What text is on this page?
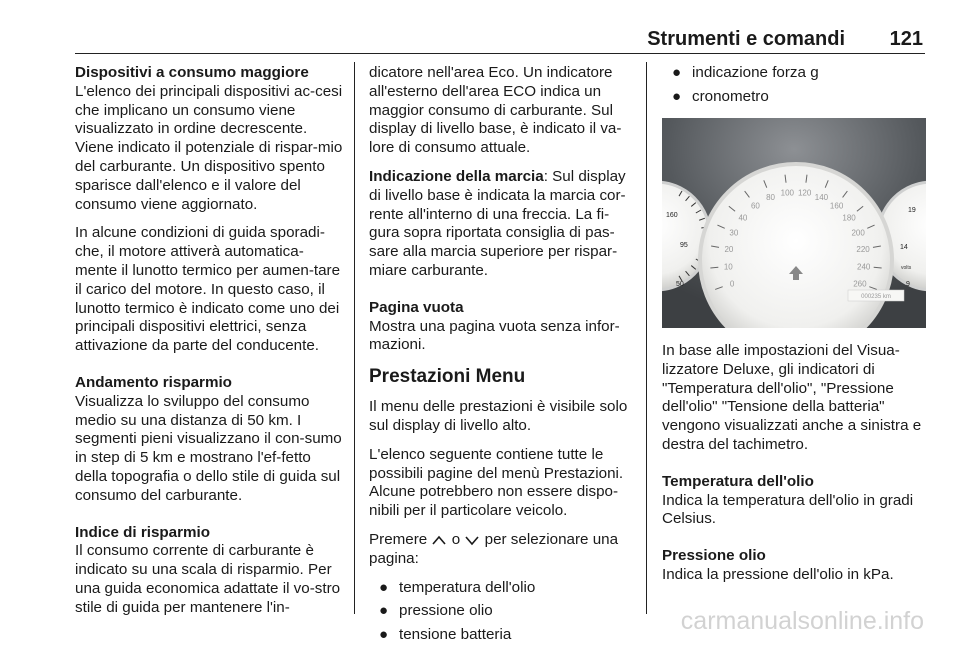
Strumenti e comandi 121
Dispositivi a consumo maggiore

L'elenco dei principali dispositivi ac-cesi che implicano un consumo viene visualizzato in ordine decrescente. Viene indicato il potenziale di rispar-mio del carburante. Un dispositivo spento sparisce dall'elenco e il valore del consumo viene aggiornato.

In alcune condizioni di guida sporadi-che, il motore attiverà automatica-mente il lunotto termico per aumen-tare il carico del motore. In questo caso, il lunotto termico è indicato come uno dei principali dispositivi elettrici, senza attivazione da parte del conducente.

Andamento risparmio

Visualizza lo sviluppo del consumo medio su una distanza di 50 km. I segmenti pieni visualizzano il con-sumo in step di 5 km e mostrano l'ef-fetto della topografia o dello stile di guida sul consumo del carburante.

Indice di risparmio

Il consumo corrente di carburante è indicato su una scala di risparmio. Per una guida economica adattate il vo-stro stile di guida per mantenere l'in-

dicatore nell'area Eco. Un indicatore all'esterno dell'area ECO indica un maggior consumo di carburante. Sul display di livello base, è indicato il va-lore di consumo attuale.

Indicazione della marcia: Sul display di livello base è indicata la marcia cor-rente all'interno di una freccia. La fi-gura sopra riportata consiglia di pas-sare alla marcia superiore per rispar-miare carburante.

Pagina vuota

Mostra una pagina vuota senza infor-mazioni.

Prestazioni Menu

Il menu delle prestazioni è visibile solo sul display di livello alto.

L'elenco seguente contiene tutte le possibili pagine del menù Prestazioni. Alcune potrebbero non essere dispo-nibili per il particolare veicolo.

Premere o per selezionare una pagina:

● temperatura dell'olio
● pressione olio
● tensione batteria
● indicazione forza g
● cronometro
160
95
50
19
14
9
volts
0
10
20
30
40
60
80 100 120 140
160
180
200
220
240
260
000235 km

In base alle impostazioni del Visua-lizzatore Deluxe, gli indicatori di "Temperatura dell'olio", "Pressione dell'olio" "Tensione della batteria" vengono visualizzati anche a sinistra e destra del tachimetro.

Temperatura dell'olio

Indica la temperatura dell'olio in gradi Celsius.

Pressione olio

Indica la pressione dell'olio in kPa.

carmanualsonline.info
